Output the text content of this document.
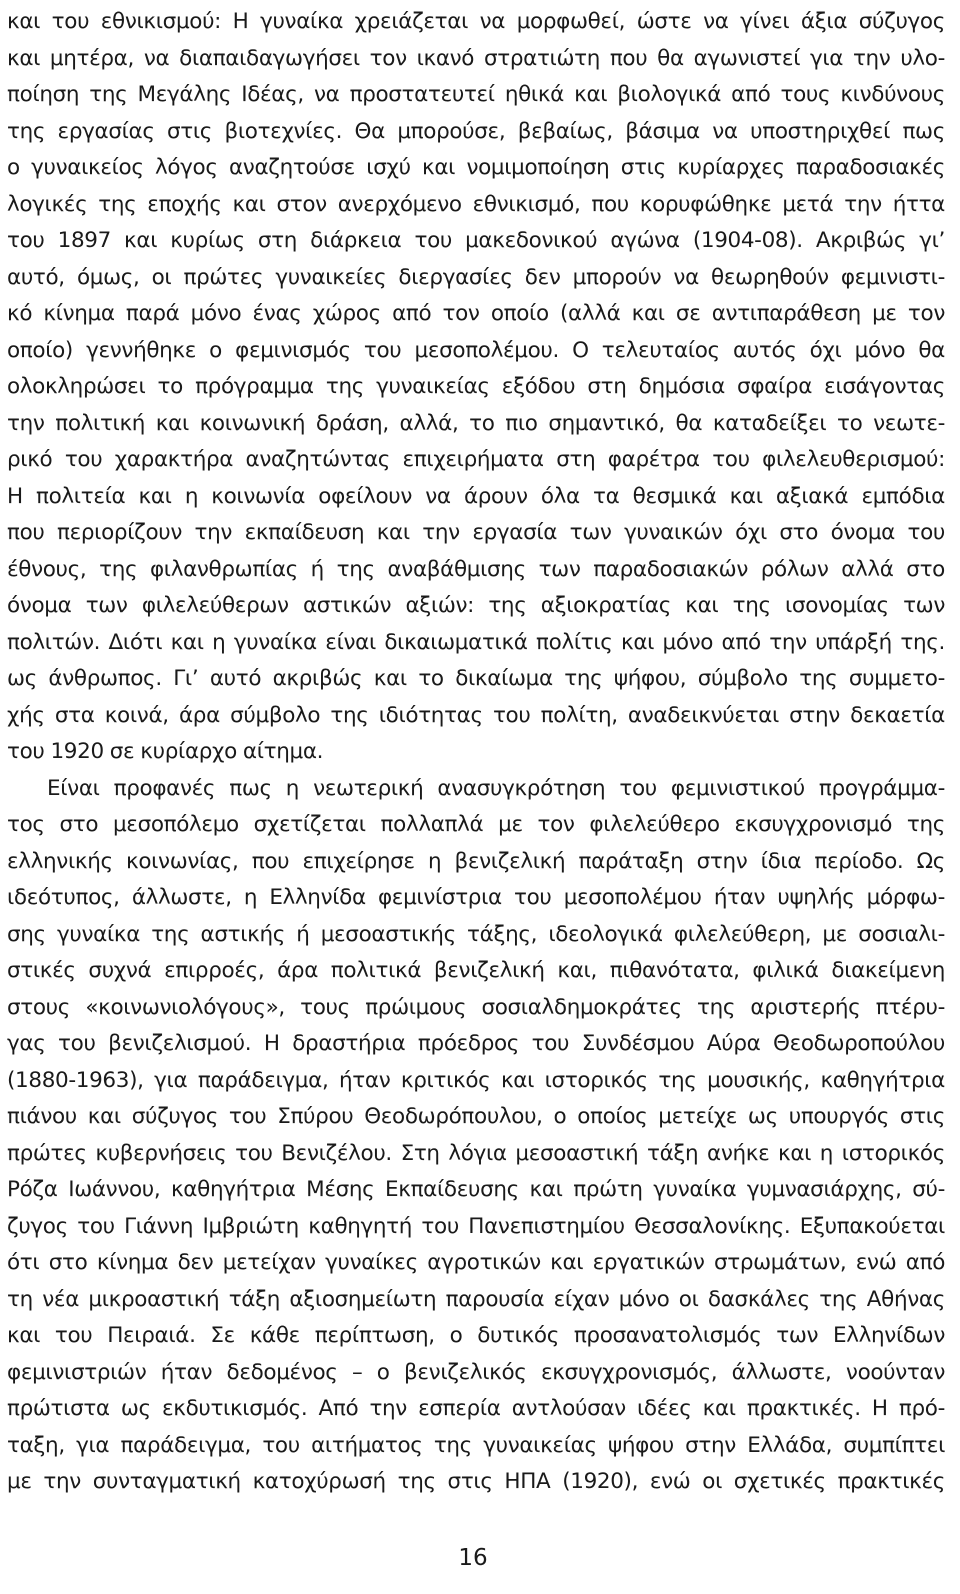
και του εθνικισμού: Η γυναίκα χρειάζεται να μορφωθεί, ώστε να γίνει άξια σύζυγος
και μητέρα, να διαπαιδαγωγήσει τον ικανό στρατιώτη που θα αγωνιστεί για την υλο-
ποίηση της Μεγάλης Ιδέας, να προστατευτεί ηθικά και βιολογικά από τους κινδύνους
της εργασίας στις βιοτεχνίες. Θα μπορούσε, βεβαίως, βάσιμα να υποστηριχθεί πως
ο γυναικείος λόγος αναζητούσε ισχύ και νομιμοποίηση στις κυρίαρχες παραδοσιακές
λογικές της εποχής και στον ανερχόμενο εθνικισμό, που κορυφώθηκε μετά την ήττα
του 1897 και κυρίως στη διάρκεια του μακεδονικού αγώνα (1904-08). Ακριβώς γι’
αυτό, όμως, οι πρώτες γυναικείες διεργασίες δεν μπορούν να θεωρηθούν φεμινιστι-
κό κίνημα παρά μόνο ένας χώρος από τον οποίο (αλλά και σε αντιπαράθεση με τον
οποίο) γεννήθηκε ο φεμινισμός του μεσοπολέμου. Ο τελευταίος αυτός όχι μόνο θα
ολοκληρώσει το πρόγραμμα της γυναικείας εξόδου στη δημόσια σφαίρα εισάγοντας
την πολιτική και κοινωνική δράση, αλλά, το πιο σημαντικό, θα καταδείξει το νεωτε-
ρικό του χαρακτήρα αναζητώντας επιχειρήματα στη φαρέτρα του φιλελευθερισμού:
Η πολιτεία και η κοινωνία οφείλουν να άρουν όλα τα θεσμικά και αξιακά εμπόδια
που περιορίζουν την εκπαίδευση και την εργασία των γυναικών όχι στο όνομα του
έθνους, της φιλανθρωπίας ή της αναβάθμισης των παραδοσιακών ρόλων αλλά στο
όνομα των φιλελεύθερων αστικών αξιών: της αξιοκρατίας και της ισονομίας των
πολιτών. Διότι και η γυναίκα είναι δικαιωματικά πολίτις και μόνο από την υπάρξή της.
ως άνθρωπος. Γι’ αυτό ακριβώς και το δικαίωμα της ψήφου, σύμβολο της συμμετο-
χής στα κοινά, άρα σύμβολο της ιδιότητας του πολίτη, αναδεικνύεται στην δεκαετία
του 1920 σε κυρίαρχο αίτημα.
Είναι προφανές πως η νεωτερική ανασυγκρότηση του φεμινιστικού προγράμμα-
τος στο μεσοπόλεμο σχετίζεται πολλαπλά με τον φιλελεύθερο εκσυγχρονισμό της
ελληνικής κοινωνίας, που επιχείρησε η βενιζελική παράταξη στην ίδια περίοδο. Ως
ιδεότυπος, άλλωστε, η Ελληνίδα φεμινίστρια του μεσοπολέμου ήταν υψηλής μόρφω-
σης γυναίκα της αστικής ή μεσοαστικής τάξης, ιδεολογικά φιλελεύθερη, με σοσιαλι-
στικές συχνά επιρροές, άρα πολιτικά βενιζελική και, πιθανότατα, φιλικά διακείμενη
στους «κοινωνιολόγους», τους πρώιμους σοσιαλδημοκράτες της αριστερής πτέρυ-
γας του βενιζελισμού. Η δραστήρια πρόεδρος του Συνδέσμου Αύρα Θεοδωροπούλου
(1880-1963), για παράδειγμα, ήταν κριτικός και ιστορικός της μουσικής, καθηγήτρια
πιάνου και σύζυγος του Σπύρου Θεοδωρόπουλου, ο οποίος μετείχε ως υπουργός στις
πρώτες κυβερνήσεις του Βενιζέλου. Στη λόγια μεσοαστική τάξη ανήκε και η ιστορικός
Ρόζα Ιωάννου, καθηγήτρια Μέσης Εκπαίδευσης και πρώτη γυναίκα γυμνασιάρχης, σύ-
ζυγος του Γιάννη Ιμβριώτη καθηγητή του Πανεπιστημίου Θεσσαλονίκης. Εξυπακούεται
ότι στο κίνημα δεν μετείχαν γυναίκες αγροτικών και εργατικών στρωμάτων, ενώ από
τη νέα μικροαστική τάξη αξιοσημείωτη παρουσία είχαν μόνο οι δασκάλες της Αθήνας
και του Πειραιά. Σε κάθε περίπτωση, ο δυτικός προσανατολισμός των Ελληνίδων
φεμινιστριών ήταν δεδομένος – ο βενιζελικός εκσυγχρονισμός, άλλωστε, νοούνταν
πρώτιστα ως εκδυτικισμός. Από την εσπερία αντλούσαν ιδέες και πρακτικές. Η πρό-
ταξη, για παράδειγμα, του αιτήματος της γυναικείας ψήφου στην Ελλάδα, συμπίπτει
με την συνταγματική κατοχύρωσή της στις ΗΠΑ (1920), ενώ οι σχετικές πρακτικές
16
